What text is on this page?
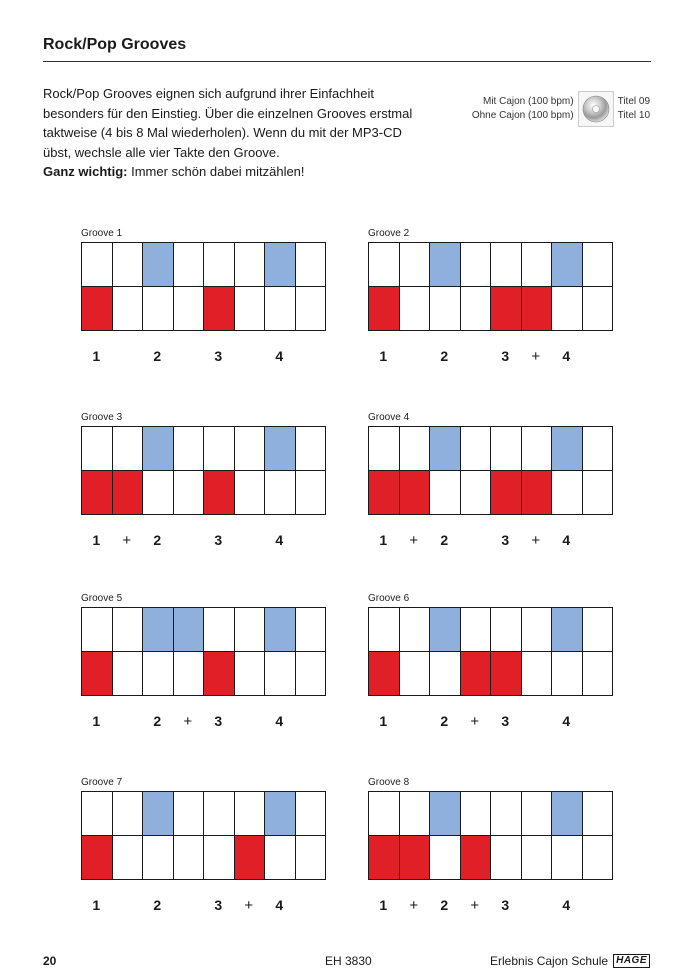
Rock/Pop Grooves

Rock/Pop Grooves eignen sich aufgrund ihrer Einfachheit besonders für den Einstieg. Über die einzelnen Grooves erstmal taktweise (4 bis 8 Mal wiederholen). Wenn du mit der MP3-CD übst, wechsle alle vier Takte den Groove.

Ganz wichtig: Immer schön dabei mitzählen!

Mit Cajon (100 bpm)
Ohne Cajon (100 bpm)
Titel 09
Titel 10
Groove 1
1	2	3	4
Groove 2
1	2	3	+	4
Groove 3
1	+	2	3	4
Groove 4
1	+	2	3	+	4
Groove 5
1	2	+	3	4
Groove 6
1	2	+	3	4
Groove 7
1	2	3	+	4
Groove 8
1	+	2	+	3	4
20	EH 3830	Erlebnis Cajon Schule HAGE
